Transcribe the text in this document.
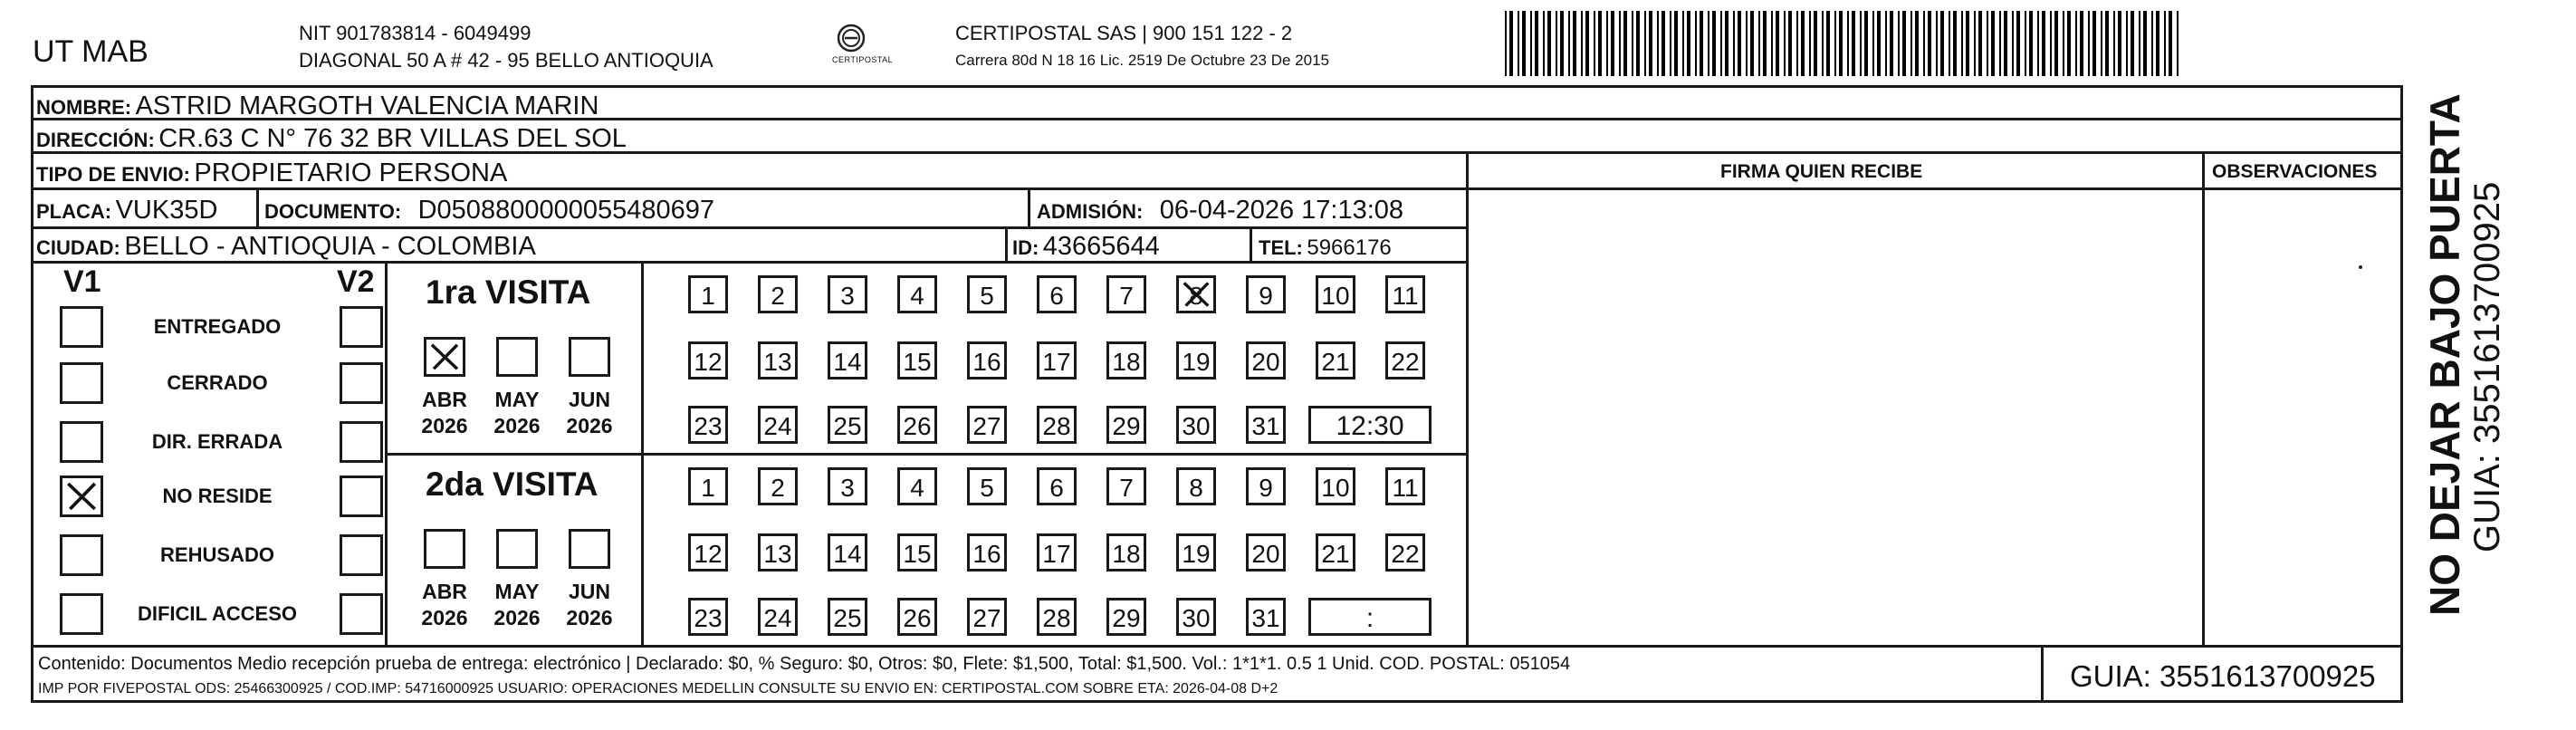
UT MAB
NIT 901783814 - 6049499
DIAGONAL 50 A # 42 - 95 BELLO ANTIOQUIA	CERTIPOSTAL
CERTIPOSTAL SAS | 900 151 122 - 2
Carrera 80d N 18 16 Lic. 2519 De Octubre 23 De 2015
NOMBRE: ASTRID MARGOTH VALENCIA MARIN
DIRECCIÓN: CR.63 C N° 76 32 BR VILLAS DEL SOL
TIPO DE ENVIO: PROPIETARIO PERSONA
PLACA: VUK35D DOCUMENTO: D0508800000055480697	ADMISIÓN: 06-04-2026 17:13:08
CIUDAD: BELLO - ANTIOQUIA - COLOMBIA	ID: 43665644	TEL: 5966176
FIRMA QUIEN RECIBE	OBSERVACIONES
V1	V2
ENTREGADO
CERRADO
DIR. ERRADA
NO RESIDE
REHUSADO
DIFICIL ACCESO
1ra VISITA
ABR
2026
MAY
2026
JUN
2026
1	2	3	4	5	6	7	8	9	10 11
12 13 14 15 16 17 18 19 20 21 22
23 24 25 26 27 28 29 30 31	12:30
2da VISITA
ABR
2026
MAY
2026
JUN
2026
1	2	3	4	5	6	7	8	9	10 11
12 13 14 15 16 17 18 19 20 21 22
23 24 25 26 27 28 29 30 31	:
Contenido: Documentos Medio recepción prueba de entrega: electrónico | Declarado: $0, % Seguro: $0, Otros: $0, Flete: $1,500, Total: $1,500. Vol.: 1*1*1. 0.5 1 Unid. COD. POSTAL: 051054
IMP POR FIVEPOSTAL ODS: 25466300925 / COD.IMP: 54716000925 USUARIO: OPERACIONES MEDELLIN CONSULTE SU ENVIO EN: CERTIPOSTAL.COM SOBRE ETA: 2026-04-08 D+2	GUIA: 3551613700925
NO DEJAR BAJO PUERTA GUIA: 3551613700925
